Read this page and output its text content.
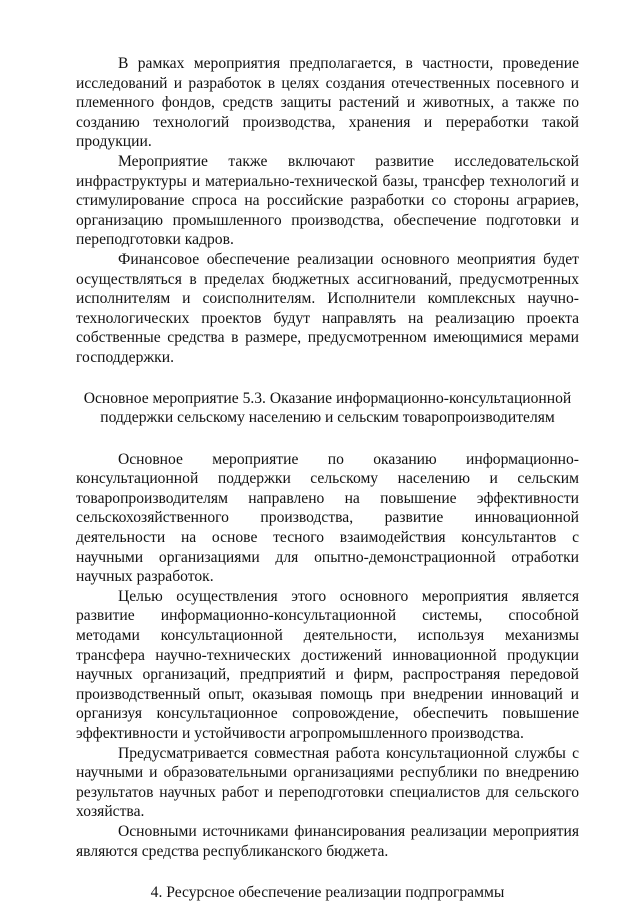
В рамках мероприятия предполагается, в частности, проведение исследований и разработок в целях создания отечественных посевного и племенного фондов, средств защиты растений и животных, а также по созданию технологий производства, хранения и переработки такой продукции.

Мероприятие также включают развитие исследовательской инфраструктуры и материально-технической базы, трансфер технологий и стимулирование спроса на российские разработки со стороны аграриев, организацию промышленного производства, обеспечение подготовки и переподготовки кадров.

Финансовое обеспечение реализации основного меоприятия будет осуществляться в пределах бюджетных ассигнований, предусмотренных исполнителям и соисполнителям. Исполнители комплексных научно-технологических проектов будут направлять на реализацию проекта собственные средства в размере, предусмотренном имеющимися мерами господдержки.

Основное мероприятие 5.3. Оказание информационно-консультационной
поддержки сельскому населению и сельским товаропроизводителям

Основное мероприятие по оказанию информационно-консультационной поддержки сельскому населению и сельским товаропроизводителям направлено на повышение эффективности сельскохозяйственного производства, развитие инновационной деятельности на основе тесного взаимодействия консультантов с научными организациями для опытно-демонстрационной отработки научных разработок.

Целью осуществления этого основного мероприятия является развитие информационно-консультационной системы, способной методами консультационной деятельности, используя механизмы трансфера научно-технических достижений инновационной продукции научных организаций, предприятий и фирм, распространяя передовой производственный опыт, оказывая помощь при внедрении инноваций и организуя консультационное сопровождение, обеспечить повышение эффективности и устойчивости агропромышленного производства.

Предусматривается совместная работа консультационной службы с научными и образовательными организациями республики по внедрению результатов научных работ и переподготовки специалистов для сельского хозяйства.

Основными источниками финансирования реализации мероприятия являются средства республиканского бюджета.

4. Ресурсное обеспечение реализации подпрограммы
